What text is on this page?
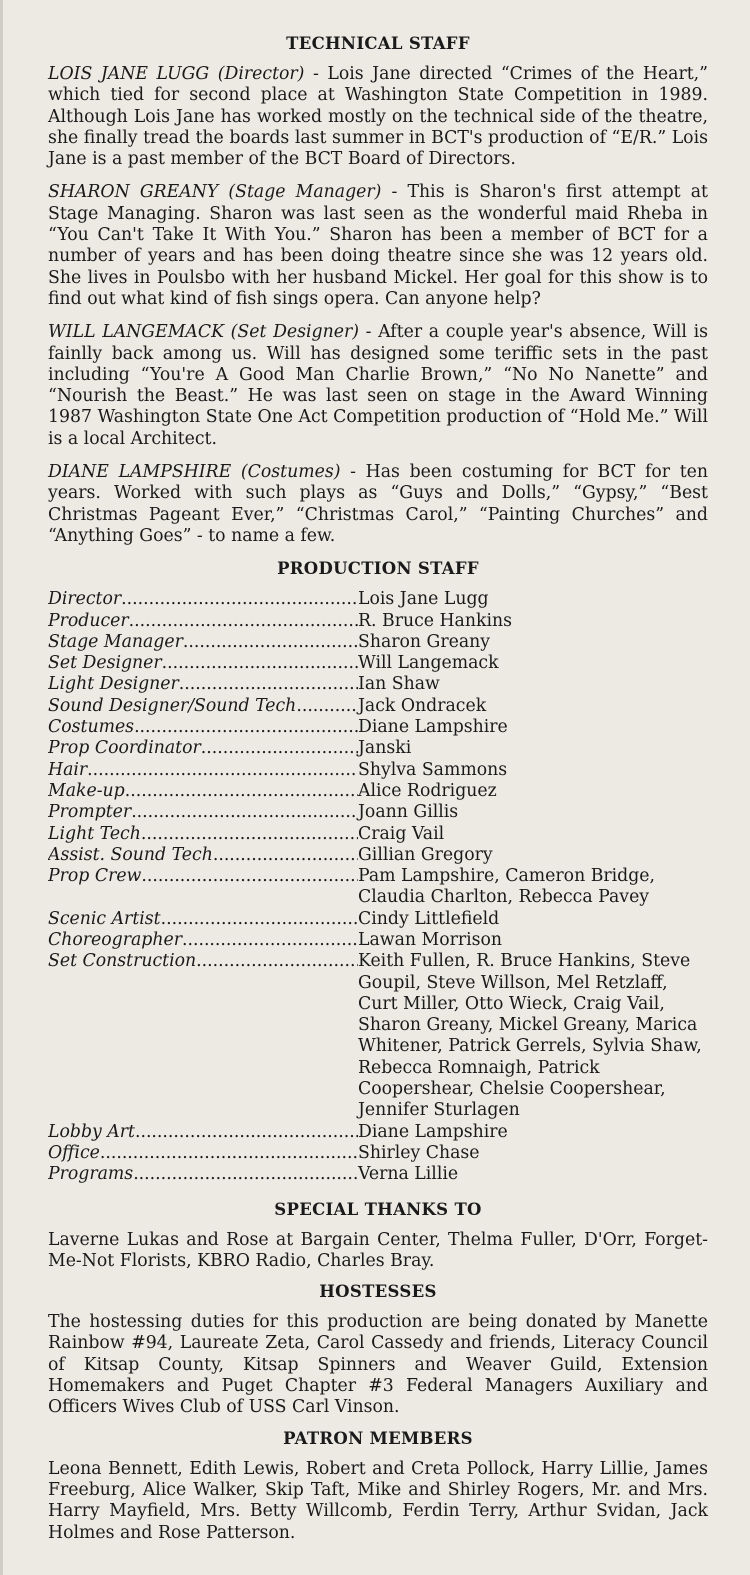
TECHNICAL STAFF

LOIS JANE LUGG (Director) - Lois Jane directed “Crimes of the Heart,” which tied for second place at Washington State Competition in 1989. Although Lois Jane has worked mostly on the technical side of the theatre, she finally tread the boards last summer in BCT's production of “E/R.” Lois Jane is a past member of the BCT Board of Directors.

SHARON GREANY (Stage Manager) - This is Sharon's first attempt at Stage Managing. Sharon was last seen as the wonderful maid Rheba in “You Can't Take It With You.” Sharon has been a member of BCT for a number of years and has been doing theatre since she was 12 years old. She lives in Poulsbo with her husband Mickel. Her goal for this show is to find out what kind of fish sings opera. Can anyone help?

WILL LANGEMACK (Set Designer) - After a couple year's absence, Will is fainlly back among us. Will has designed some teriffic sets in the past including “You're A Good Man Charlie Brown,” “No No Nanette” and “Nourish the Beast.” He was last seen on stage in the Award Winning 1987 Washington State One Act Competition production of “Hold Me.” Will is a local Architect.

DIANE LAMPSHIRE (Costumes) - Has been costuming for BCT for ten years. Worked with such plays as “Guys and Dolls,” “Gypsy,” “Best Christmas Pageant Ever,” “Christmas Carol,” “Painting Churches” and “Anything Goes” - to name a few.

PRODUCTION STAFF
Director .....	Lois Jane Lugg
Producer .....	R. Bruce Hankins
Stage Manager .....	Sharon Greany
Set Designer .....	Will Langemack
Light Designer .....	Ian Shaw
Sound Designer/Sound Tech .....	Jack Ondracek
Costumes .....	Diane Lampshire
Prop Coordinator .....	Janski
Hair .....	Shylva Sammons
Make-up .....	Alice Rodriguez
Prompter .....	Joann Gillis
Light Tech .....	Craig Vail
Assist. Sound Tech .....	Gillian Gregory
Prop Crew .....	Pam Lampshire, Cameron Bridge, Claudia Charlton, Rebecca Pavey
Scenic Artist .....	Cindy Littlefield
Choreographer .....	Lawan Morrison
Set Construction .....	Keith Fullen, R. Bruce Hankins, Steve Goupil, Steve Willson, Mel Retzlaff, Curt Miller, Otto Wieck, Craig Vail, Sharon Greany, Mickel Greany, Marica Whitener, Patrick Gerrels, Sylvia Shaw, Rebecca Romnaigh, Patrick Coopershear, Chelsie Coopershear, Jennifer Sturlagen
Lobby Art .....	Diane Lampshire
Office .....	Shirley Chase
Programs .....	Verna Lillie
SPECIAL THANKS TO

Laverne Lukas and Rose at Bargain Center, Thelma Fuller, D'Orr, Forget-Me-Not Florists, KBRO Radio, Charles Bray.

HOSTESSES

The hostessing duties for this production are being donated by Manette Rainbow #94, Laureate Zeta, Carol Cassedy and friends, Literacy Council of Kitsap County, Kitsap Spinners and Weaver Guild, Extension Homemakers and Puget Chapter #3 Federal Managers Auxiliary and Officers Wives Club of USS Carl Vinson.

PATRON MEMBERS

Leona Bennett, Edith Lewis, Robert and Creta Pollock, Harry Lillie, James Freeburg, Alice Walker, Skip Taft, Mike and Shirley Rogers, Mr. and Mrs. Harry Mayfield, Mrs. Betty Willcomb, Ferdin Terry, Arthur Svidan, Jack Holmes and Rose Patterson.
